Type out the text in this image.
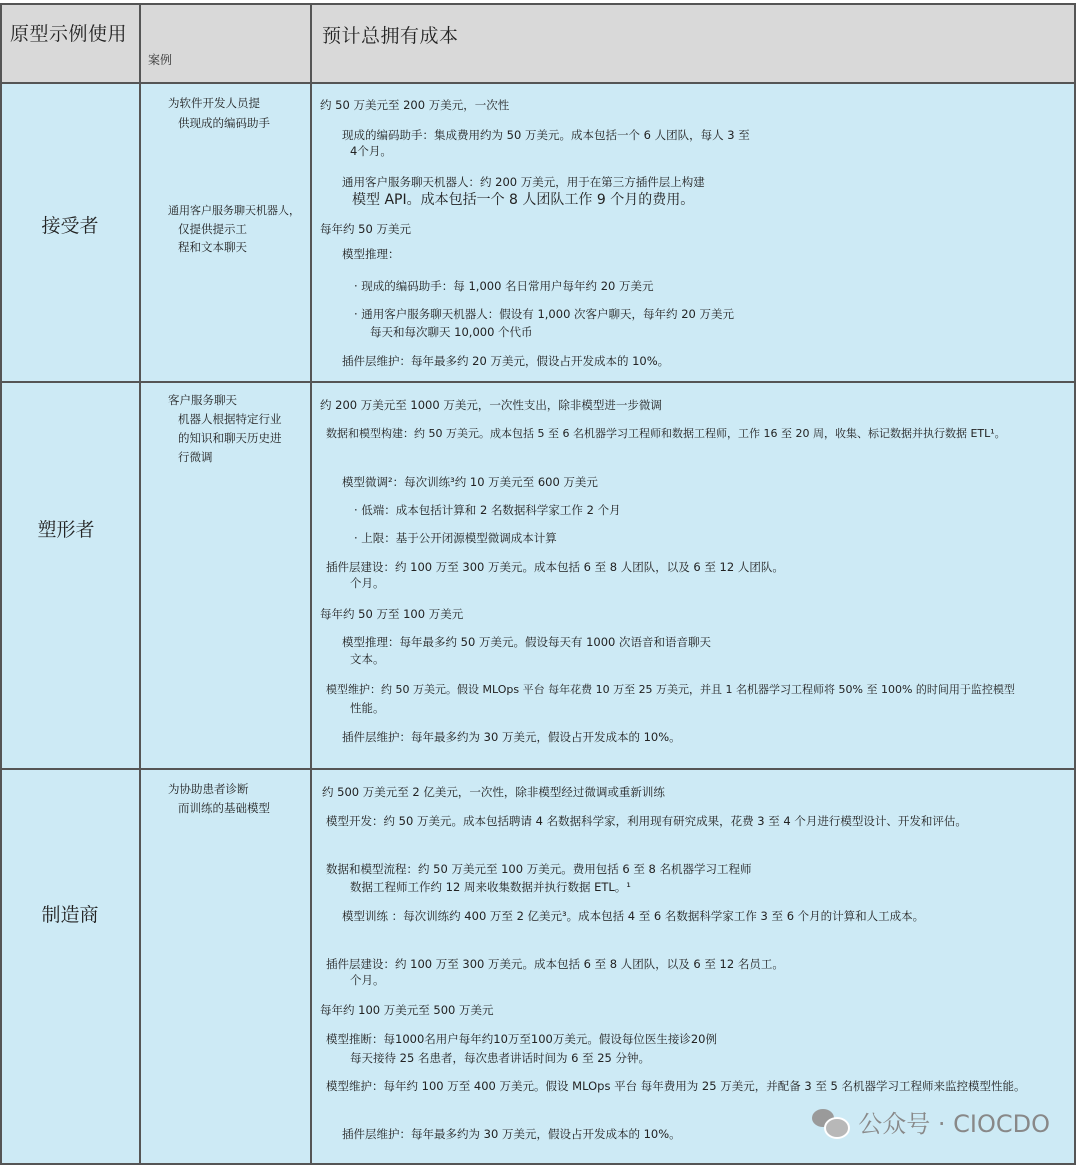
原型示例使用
案例
预计总拥有成本
接受者
为软件开发人员提
供现成的编码助手
通用客户服务聊天机器人，
仅提供提示工
程和文本聊天
约 50 万美元至 200 万美元，一次性
现成的编码助手：集成费用约为 50 万美元。成本包括一个 6 人团队，每人 3 至
4个月。
通用客户服务聊天机器人：约 200 万美元，用于在第三方插件层上构建
模型 API。成本包括一个 8 人团队工作 9 个月的费用。
每年约 50 万美元
模型推理：
· 现成的编码助手：每 1,000 名日常用户每年约 20 万美元
· 通用客户服务聊天机器人：假设有 1,000 次客户聊天，每年约 20 万美元
每天和每次聊天 10,000 个代币
插件层维护：每年最多约 20 万美元，假设占开发成本的 10%。
塑形者
客户服务聊天
机器人根据特定行业
的知识和聊天历史进
行微调
约 200 万美元至 1000 万美元，一次性支出，除非模型进一步微调
数据和模型构建：约 50 万美元。成本包括 5 至 6 名机器学习工程师和数据工程师，工作 16 至 20 周，收集、标记数据并执行数据 ETL¹。
模型微调²：每次训练³约 10 万美元至 600 万美元
· 低端：成本包括计算和 2 名数据科学家工作 2 个月
· 上限：基于公开闭源模型微调成本计算
插件层建设：约 100 万至 300 万美元。成本包括 6 至 8 人团队，以及 6 至 12 人团队。
个月。
每年约 50 万至 100 万美元
模型推理：每年最多约 50 万美元。假设每天有 1000 次语音和语音聊天
文本。
模型维护：约 50 万美元。假设 MLOps 平台 每年花费 10 万至 25 万美元，并且 1 名机器学习工程师将 50% 至 100% 的时间用于监控模型
性能。
插件层维护：每年最多约为 30 万美元，假设占开发成本的 10%。
制造商
为协助患者诊断
而训练的基础模型
约 500 万美元至 2 亿美元，一次性，除非模型经过微调或重新训练
模型开发：约 50 万美元。成本包括聘请 4 名数据科学家，利用现有研究成果，花费 3 至 4 个月进行模型设计、开发和评估。
数据和模型流程：约 50 万美元至 100 万美元。费用包括 6 至 8 名机器学习工程师
数据工程师工作约 12 周来收集数据并执行数据 ETL。¹
模型训练 ：每次训练约 400 万至 2 亿美元³。成本包括 4 至 6 名数据科学家工作 3 至 6 个月的计算和人工成本。
插件层建设：约 100 万至 300 万美元。成本包括 6 至 8 人团队，以及 6 至 12 名员工。
个月。
每年约 100 万美元至 500 万美元
模型推断：每1000名用户每年约10万至100万美元。假设每位医生接诊20例
每天接待 25 名患者，每次患者讲话时间为 6 至 25 分钟。
模型维护：每年约 100 万至 400 万美元。假设 MLOps 平台 每年费用为 25 万美元，并配备 3 至 5 名机器学习工程师来监控模型性能。
插件层维护：每年最多约为 30 万美元，假设占开发成本的 10%。	公众号 · CIOCDO
